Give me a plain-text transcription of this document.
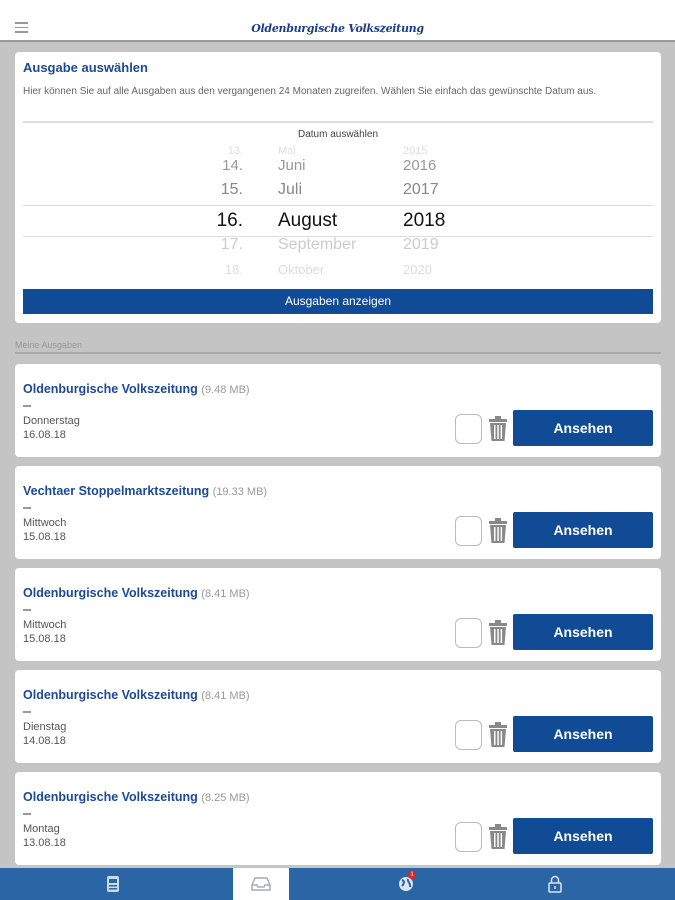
Oldenburgische Volkszeitung
Ausgabe auswählen

Hier können Sie auf alle Ausgaben aus den vergangenen 24 Monaten zugreifen. Wählen Sie einfach das gewünschte Datum aus.

Datum auswählen
13.	Mai	2015
14. Juni	2016
15. Juli	2017
16. August	2018
17. September	2019
18.	Oktober	2020
Ausgaben anzeigen
Meine Ausgaben
Oldenburgische Volkszeitung (9.48 MB)
Donnerstag
16.08.18	Ansehen
Vechtaer Stoppelmarktszeitung (19.33 MB)
Mittwoch
15.08.18	Ansehen
Oldenburgische Volkszeitung (8.41 MB)
Mittwoch
15.08.18	Ansehen
Oldenburgische Volkszeitung (8.41 MB)
Dienstag
14.08.18	Ansehen
Oldenburgische Volkszeitung (8.25 MB)
Montag
13.08.18	Ansehen
1
